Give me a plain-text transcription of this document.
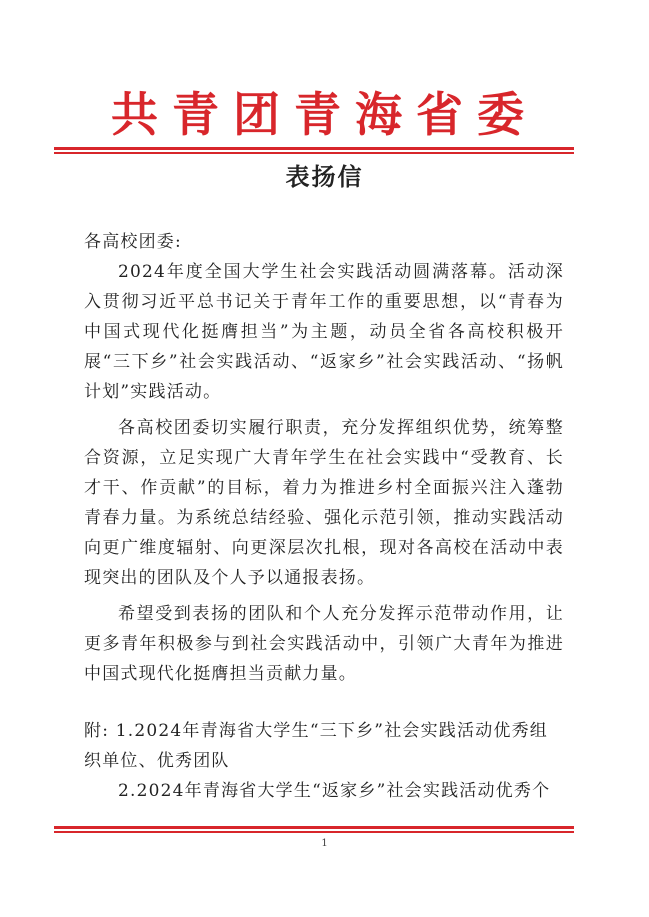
共青团青海省委
表扬信

各高校团委:

2024年度全国大学生社会实践活动圆满落幕。活动深入贯彻习近平总书记关于青年工作的重要思想，以“青春为中国式现代化挺膺担当”为主题，动员全省各高校积极开展“三下乡”社会实践活动、“返家乡”社会实践活动、“扬帆计划”实践活动。

各高校团委切实履行职责，充分发挥组织优势，统筹整合资源，立足实现广大青年学生在社会实践中“受教育、长才干、作贡献”的目标，着力为推进乡村全面振兴注入蓬勃青春力量。为系统总结经验、强化示范引领，推动实践活动向更广维度辐射、向更深层次扎根，现对各高校在活动中表现突出的团队及个人予以通报表扬。

希望受到表扬的团队和个人充分发挥示范带动作用，让更多青年积极参与到社会实践活动中，引领广大青年为推进中国式现代化挺膺担当贡献力量。

附: 1.2024年青海省大学生“三下乡”社会实践活动优秀组织单位、优秀团队

2.2024年青海省大学生“返家乡”社会实践活动优秀个

1
